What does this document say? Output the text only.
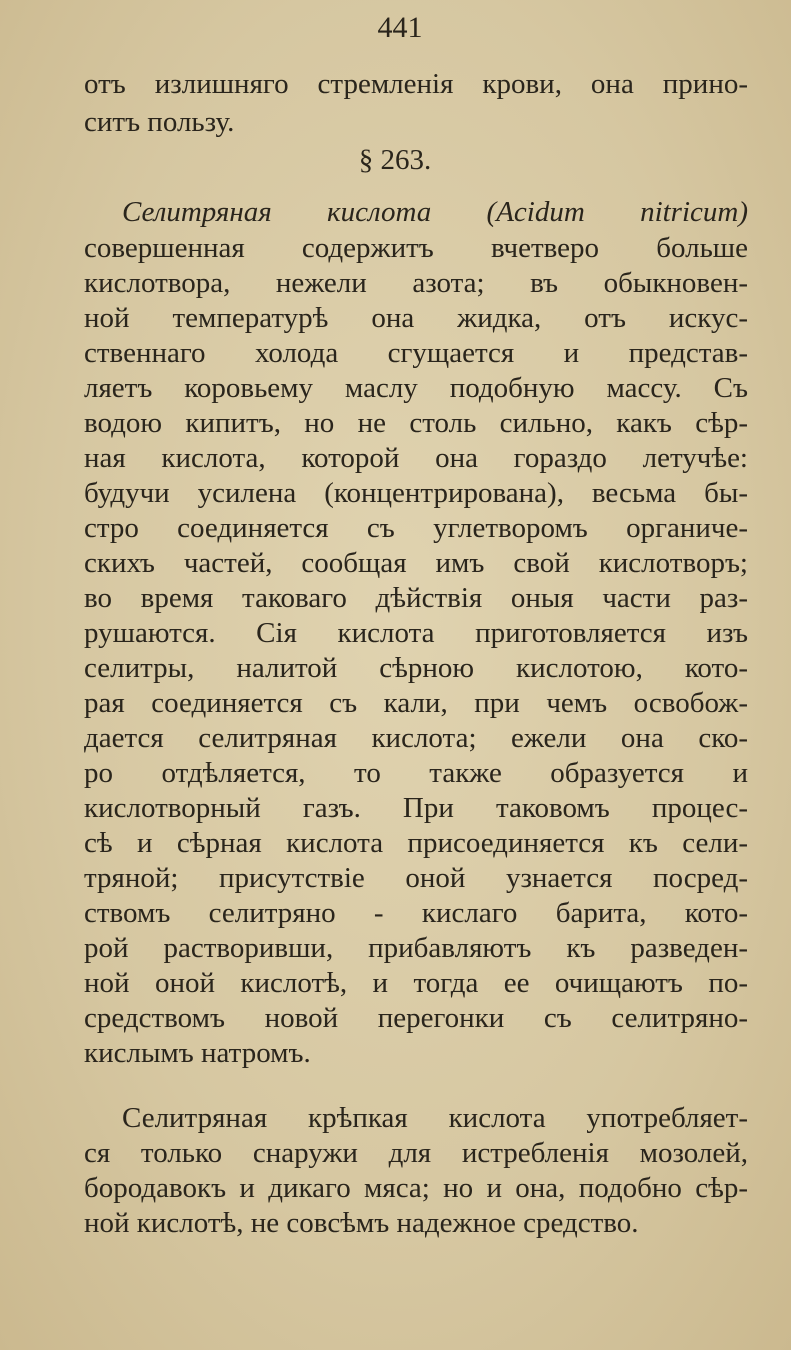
441
отъ излишняго стремленія крови, она прино-
ситъ пользу.
§ 263.
Селитряная кислота (Acidum nitricum)
совершенная содержитъ вчетверо больше
кислотвора, нежели азота; въ обыкновен-
ной температурѣ она жидка, отъ искус-
ственнаго холода сгущается и представ-
ляетъ коровьему маслу подобную массу. Съ
водою кипитъ, но не столь сильно, какъ сѣр-
ная кислота, которой она гораздо летучѣе:
будучи усилена (концентрирована), весьма бы-
стро соединяется съ углетворомъ органиче-
скихъ частей, сообщая имъ свой кислотворъ;
во время таковаго дѣйствія оныя части раз-
рушаются. Сія кислота приготовляется изъ
селитры, налитой сѣрною кислотою, кото-
рая соединяется съ кали, при чемъ освобож-
дается селитряная кислота; ежели она ско-
ро отдѣляется, то также образуется и
кислотворный газъ. При таковомъ процес-
сѣ и сѣрная кислота присоединяется къ сели-
тряной; присутствіе оной узнается посред-
ствомъ селитряно - кислаго барита, кото-
рой растворивши, прибавляютъ къ разведен-
ной оной кислотѣ, и тогда ее очищаютъ по-
средствомъ новой перегонки съ селитряно-
кислымъ натромъ.
Селитряная крѣпкая кислота употребляет-
ся только снаружи для истребленія мозолей,
бородавокъ и дикаго мяса; но и она, подобно сѣр-
ной кислотѣ, не совсѣмъ надежное средство.
